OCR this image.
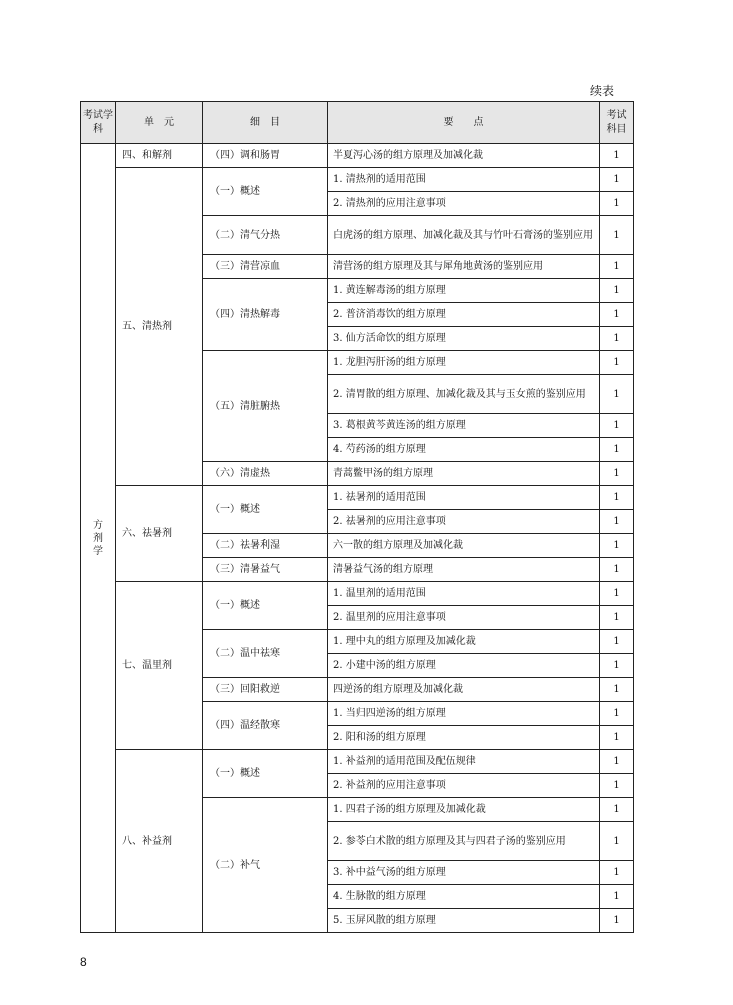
续表
考试学科	单　元	细　目	要　　点	考试科目
方剂学	四、和解剂	（四）调和肠胃	半夏泻心汤的组方原理及加减化裁	1
	五、清热剂	（一）概述	1. 清热剂的适用范围	1
			2. 清热剂的应用注意事项	1
		（二）清气分热	白虎汤的组方原理、加减化裁及其与竹叶石膏汤的鉴别应用	1
		（三）清营凉血	清营汤的组方原理及其与犀角地黄汤的鉴别应用	1
		（四）清热解毒	1. 黄连解毒汤的组方原理	1
			2. 普济消毒饮的组方原理	1
			3. 仙方活命饮的组方原理	1
		（五）清脏腑热	1. 龙胆泻肝汤的组方原理	1
			2. 清胃散的组方原理、加减化裁及其与玉女煎的鉴别应用	1
			3. 葛根黄芩黄连汤的组方原理	1
			4. 芍药汤的组方原理	1
		（六）清虚热	青蒿鳖甲汤的组方原理	1
	六、祛暑剂	（一）概述	1. 祛暑剂的适用范围	1
			2. 祛暑剂的应用注意事项	1
		（二）祛暑利湿	六一散的组方原理及加减化裁	1
		（三）清暑益气	清暑益气汤的组方原理	1
	七、温里剂	（一）概述	1. 温里剂的适用范围	1
			2. 温里剂的应用注意事项	1
		（二）温中祛寒	1. 理中丸的组方原理及加减化裁	1
			2. 小建中汤的组方原理	1
		（三）回阳救逆	四逆汤的组方原理及加减化裁	1
		（四）温经散寒	1. 当归四逆汤的组方原理	1
			2. 阳和汤的组方原理	1
	八、补益剂	（一）概述	1. 补益剂的适用范围及配伍规律	1
			2. 补益剂的应用注意事项	1
		（二）补气	1. 四君子汤的组方原理及加减化裁	1
			2. 参苓白术散的组方原理及其与四君子汤的鉴别应用	1
			3. 补中益气汤的组方原理	1
			4. 生脉散的组方原理	1
			5. 玉屏风散的组方原理	1
8
